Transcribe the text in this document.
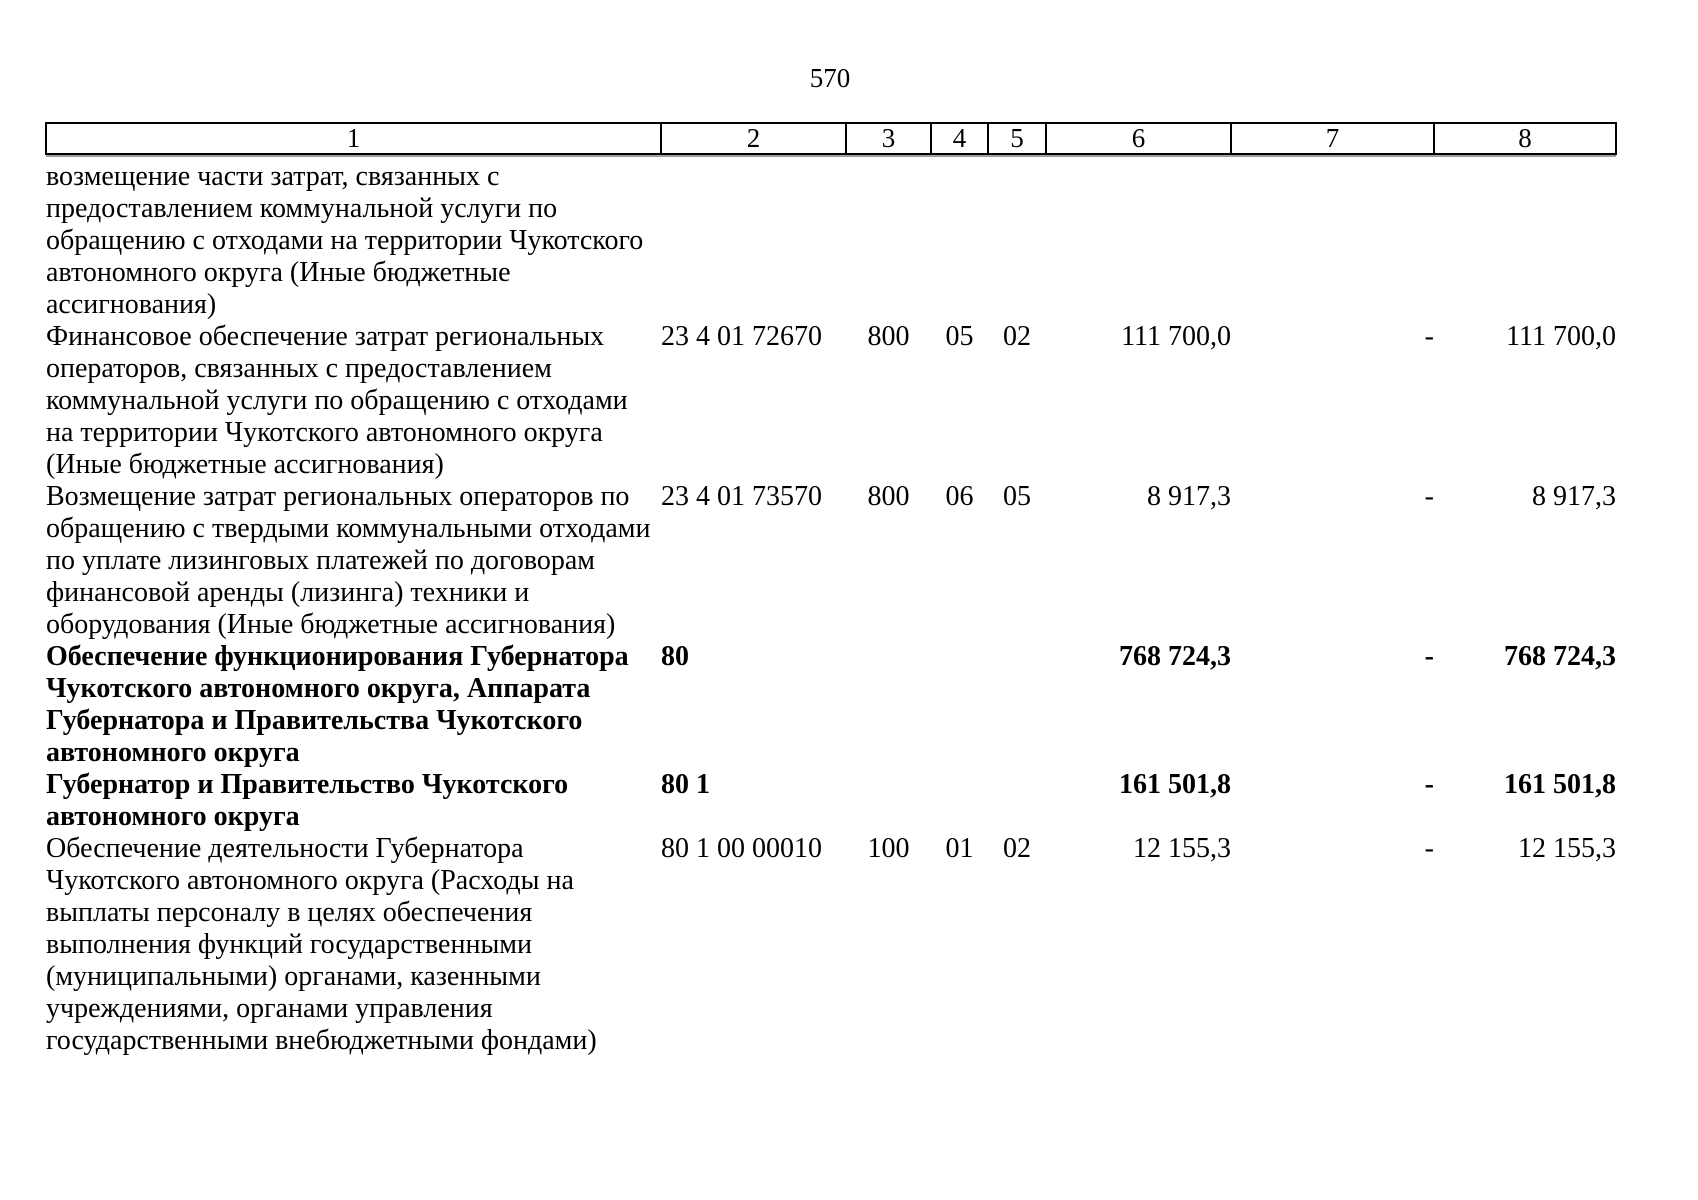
570
1	2	3	4	5	6	7	8
возмещение части затрат, связанных с предоставлением коммунальной услуги по обращению с отходами на территории Чукотского автономного округа (Иные бюджетные ассигнования)							
Финансовое обеспечение затрат региональных операторов, связанных с предоставлением коммунальной услуги по обращению с отходами на территории Чукотского автономного округа (Иные бюджетные ассигнования)	23 4 01 72670	800	05	02	111 700,0	-	111 700,0
Возмещение затрат региональных операторов по обращению с твердыми коммунальными отходами по уплате лизинговых платежей по договорам финансовой аренды (лизинга) техники и оборудования (Иные бюджетные ассигнования)	23 4 01 73570	800	06	05	8 917,3	-	8 917,3
Обеспечение функционирования Губернатора Чукотского автономного округа, Аппарата Губернатора и Правительства Чукотского автономного округа	80				768 724,3	-	768 724,3
Губернатор и Правительство Чукотского автономного округа	80 1				161 501,8	-	161 501,8
Обеспечение деятельности Губернатора Чукотского автономного округа (Расходы на выплаты персоналу в целях обеспечения выполнения функций государственными (муниципальными) органами, казенными учреждениями, органами управления государственными внебюджетными фондами)	80 1 00 00010	100	01	02	12 155,3	-	12 155,3
